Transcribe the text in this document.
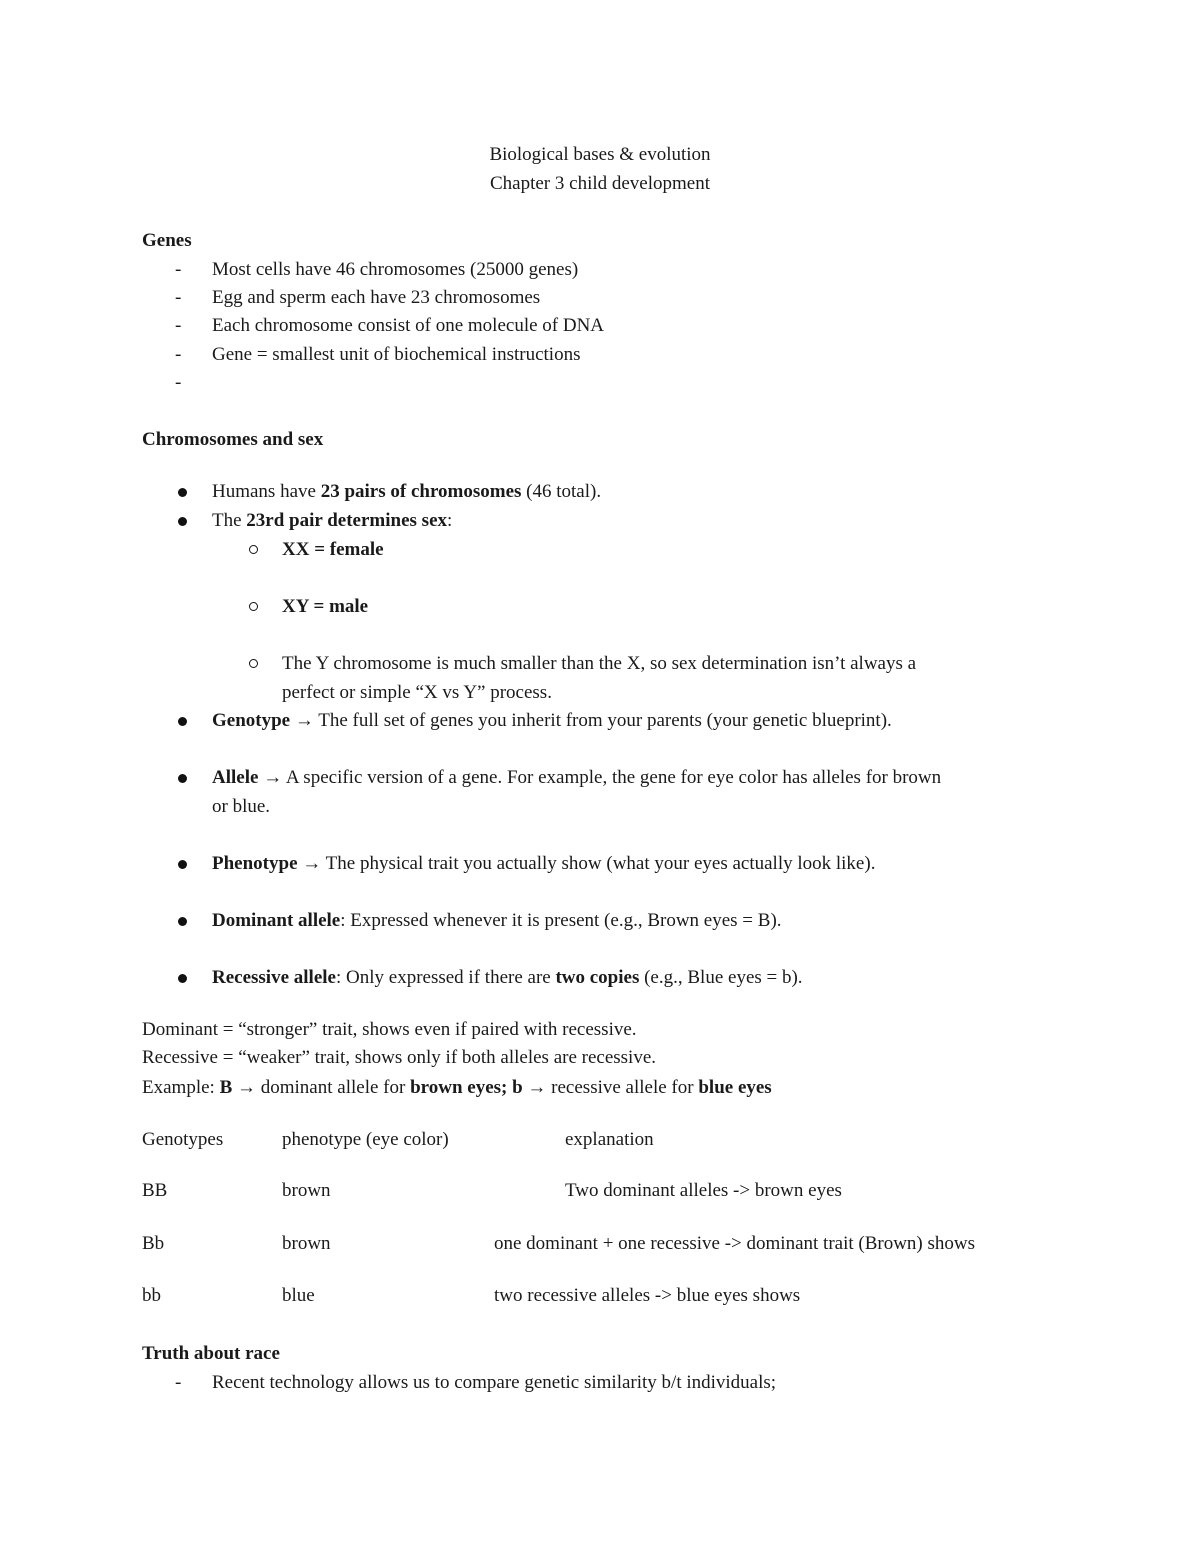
Biological bases & evolution
Chapter 3 child development
Genes
- Most cells have 46 chromosomes (25000 genes)
- Egg and sperm each have 23 chromosomes
- Each chromosome consist of one molecule of DNA
- Gene = smallest unit of biochemical instructions
-
Chromosomes and sex
Humans have 23 pairs of chromosomes (46 total).
The 23rd pair determines sex:
XX = female
XY = male
The Y chromosome is much smaller than the X, so sex determination isn’t always a
perfect or simple “X vs Y” process.
Genotype → The full set of genes you inherit from your parents (your genetic blueprint).
Allele → A specific version of a gene. For example, the gene for eye color has alleles for brown
or blue.
Phenotype → The physical trait you actually show (what your eyes actually look like).
Dominant allele: Expressed whenever it is present (e.g., Brown eyes = B).
Recessive allele: Only expressed if there are two copies (e.g., Blue eyes = b).
Dominant = “stronger” trait, shows even if paired with recessive.
Recessive = “weaker” trait, shows only if both alleles are recessive.
Example: B → dominant allele for brown eyes; b → recessive allele for blue eyes
Genotypes	phenotype (eye color)	explanation
BB	brown	Two dominant alleles -> brown eyes
Bb	brown	one dominant + one recessive -> dominant trait (Brown) shows
bb	blue	two recessive alleles -> blue eyes shows
Truth about race
- Recent technology allows us to compare genetic similarity b/t individuals;
